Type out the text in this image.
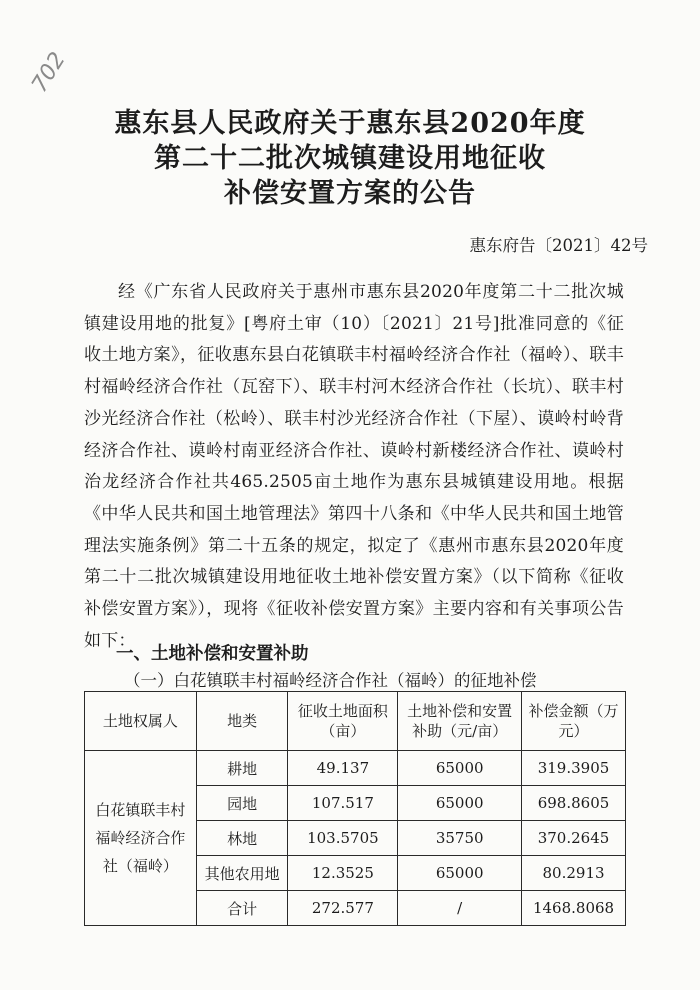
702
惠东县人民政府关于惠东县2020年度
第二十二批次城镇建设用地征收
补偿安置方案的公告
惠东府告〔2021〕42号
经《广东省人民政府关于惠州市惠东县2020年度第二十二批次城镇建设用地的批复》[粤府土审（10）〔2021〕21号]批准同意的《征收土地方案》，征收惠东县白花镇联丰村福岭经济合作社（福岭）、联丰村福岭经济合作社（瓦窑下）、联丰村河木经济合作社（长坑）、联丰村沙光经济合作社（松岭）、联丰村沙光经济合作社（下屋）、谟岭村岭背经济合作社、谟岭村南亚经济合作社、谟岭村新楼经济合作社、谟岭村治龙经济合作社共465.2505亩土地作为惠东县城镇建设用地。根据《中华人民共和国土地管理法》第四十八条和《中华人民共和国土地管理法实施条例》第二十五条的规定，拟定了《惠州市惠东县2020年度第二十二批次城镇建设用地征收土地补偿安置方案》（以下简称《征收补偿安置方案》），现将《征收补偿安置方案》主要内容和有关事项公告如下：
一、土地补偿和安置补助
（一）白花镇联丰村福岭经济合作社（福岭）的征地补偿
土地权属人	地类	征收土地面积（亩）	土地补偿和安置补助（元/亩）	补偿金额（万元）
白花镇联丰村福岭经济合作社（福岭）	耕地	49.137	65000	319.3905
	园地	107.517	65000	698.8605
	林地	103.5705	35750	370.2645
	其他农用地	12.3525	65000	80.2913
	合计	272.577	/	1468.8068
